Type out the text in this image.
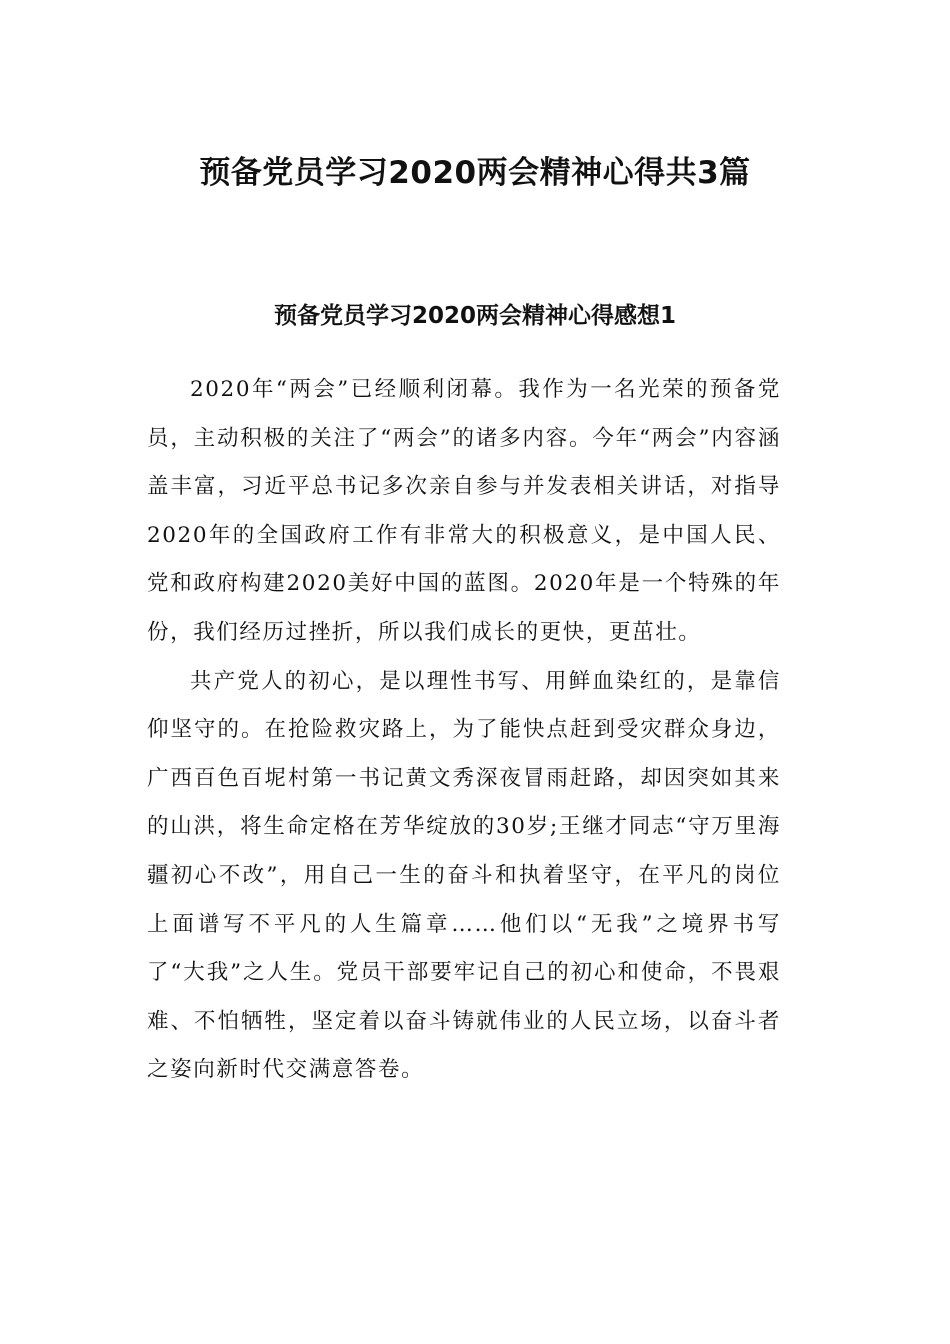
预备党员学习2020两会精神心得共3篇
预备党员学习2020两会精神心得感想1

2020年“两会”已经顺利闭幕。我作为一名光荣的预备党员，主动积极的关注了“两会”的诸多内容。今年“两会”内容涵盖丰富，习近平总书记多次亲自参与并发表相关讲话，对指导2020年的全国政府工作有非常大的积极意义，是中国人民、党和政府构建2020美好中国的蓝图。2020年是一个特殊的年份，我们经历过挫折，所以我们成长的更快，更茁壮。

共产党人的初心，是以理性书写、用鲜血染红的，是靠信仰坚守的。在抢险救灾路上，为了能快点赶到受灾群众身边，广西百色百坭村第一书记黄文秀深夜冒雨赶路，却因突如其来的山洪，将生命定格在芳华绽放的30岁;王继才同志“守万里海疆初心不改”，用自己一生的奋斗和执着坚守，在平凡的岗位上面谱写不平凡的人生篇章……他们以“无我”之境界书写了“大我”之人生。党员干部要牢记自己的初心和使命，不畏艰难、不怕牺牲，坚定着以奋斗铸就伟业的人民立场，以奋斗者之姿向新时代交满意答卷。
